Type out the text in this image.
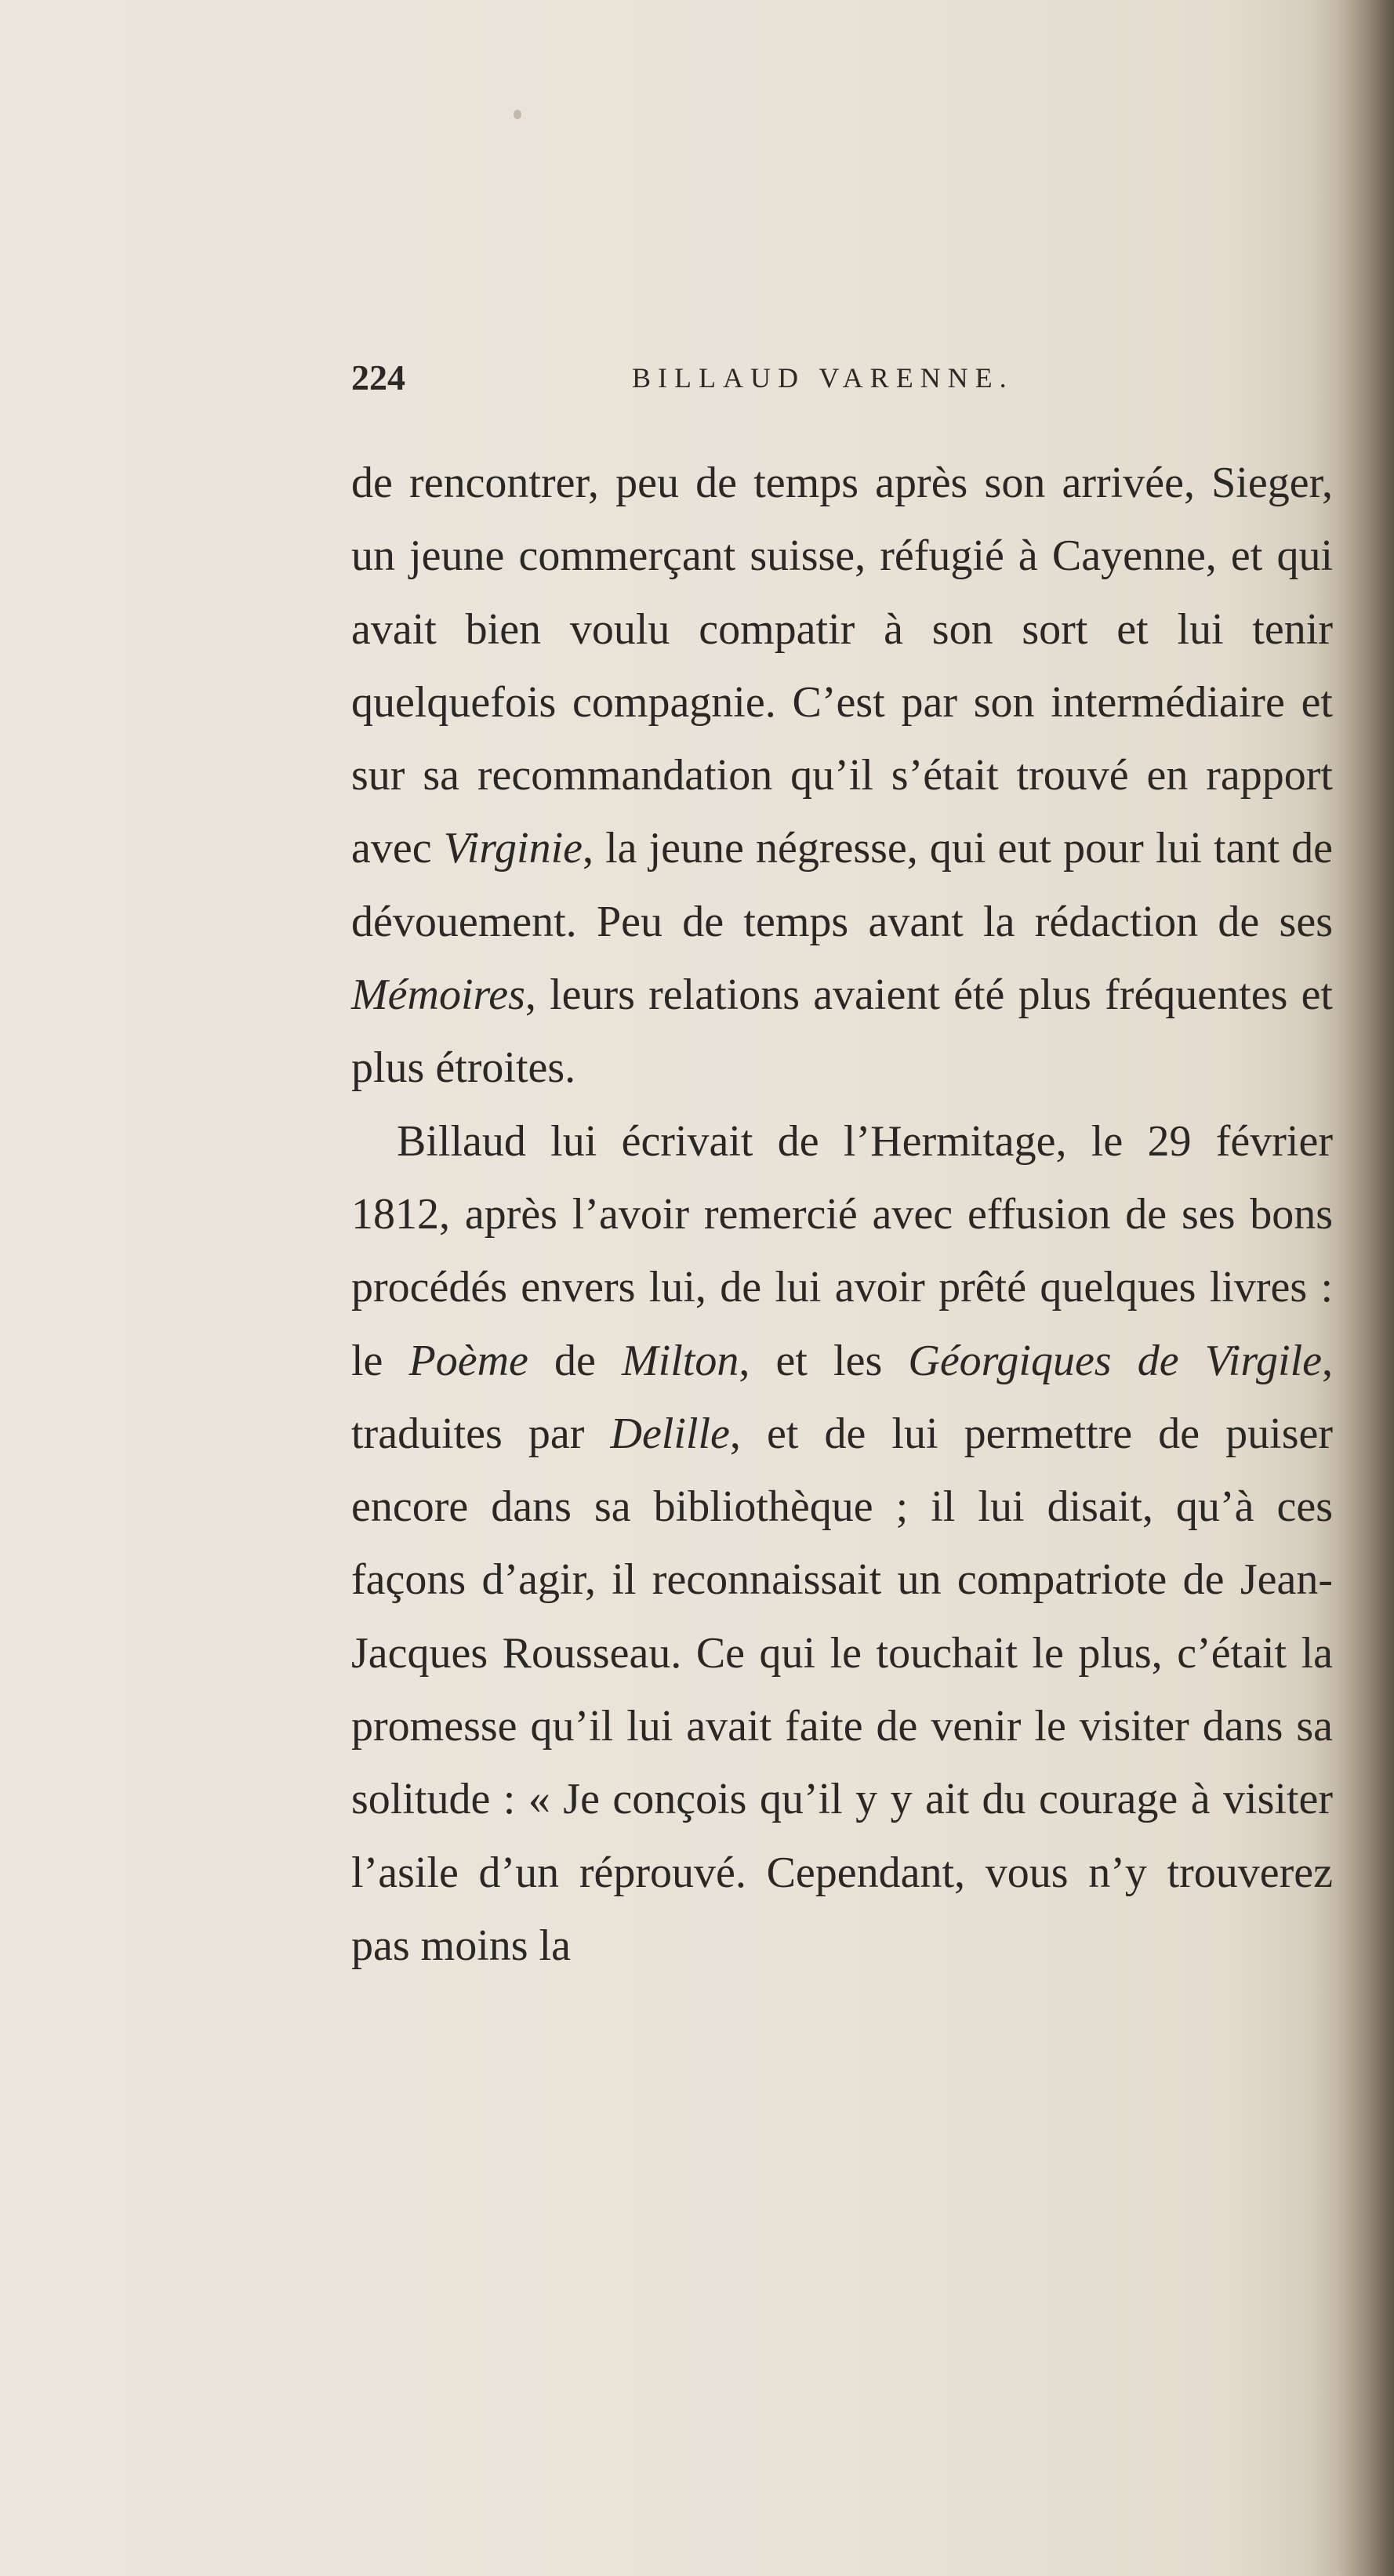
224	BILLAUD VARENNE.

de rencontrer, peu de temps après son arrivée, Sieger, un jeune commerçant suisse, réfugié à Cayenne, et qui avait bien voulu compatir à son sort et lui tenir quelquefois compagnie. C’est par son intermédiaire et sur sa recommandation qu’il s’était trouvé en rapport avec Virginie, la jeune négresse, qui eut pour lui tant de dévouement. Peu de temps avant la rédaction de ses Mémoires, leurs relations avaient été plus fréquentes et plus étroites.

Billaud lui écrivait de l’Hermitage, le 29 février 1812, après l’avoir remercié avec effusion de ses bons procédés envers lui, de lui avoir prêté quelques livres : le Poème de Milton, et les Géorgiques de Virgile, traduites par Delille, et de lui permettre de puiser encore dans sa bibliothèque ; il lui disait, qu’à ces façons d’agir, il reconnaissait un compatriote de Jean-Jacques Rousseau. Ce qui le touchait le plus, c’était la promesse qu’il lui avait faite de venir le visiter dans sa solitude : « Je conçois qu’il y y ait du courage à visiter l’asile d’un réprouvé. Cependant, vous n’y trouverez pas moins la
